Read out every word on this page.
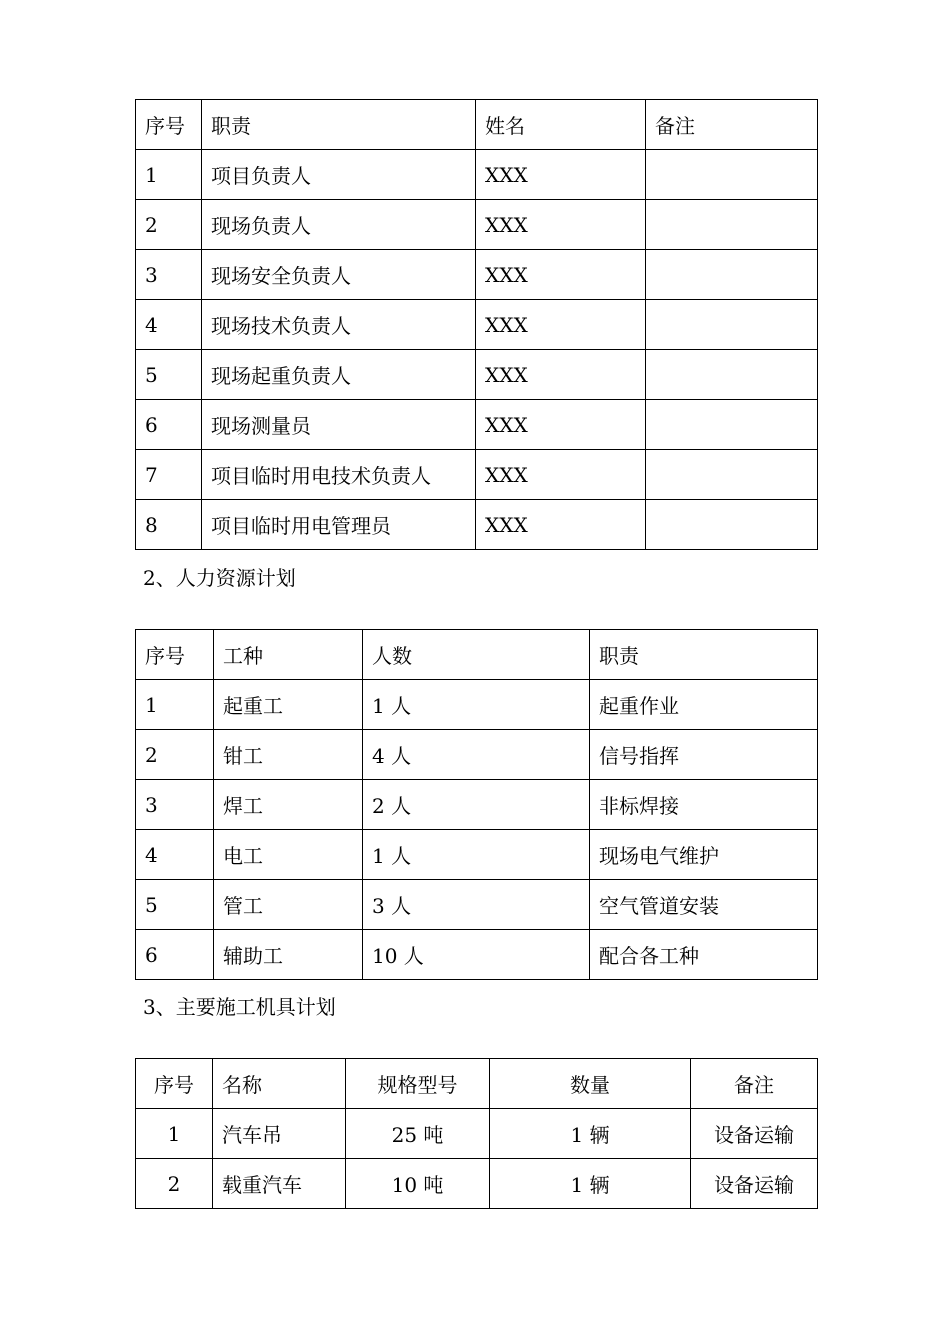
序号	职责	姓名	备注
1	项目负责人	XXX	
2	现场负责人	XXX	
3	现场安全负责人	XXX	
4	现场技术负责人	XXX	
5	现场起重负责人	XXX	
6	现场测量员	XXX	
7	项目临时用电技术负责人	XXX	
8	项目临时用电管理员	XXX	
2、人力资源计划
序号	工种	人数	职责
1	起重工	1 人	起重作业
2	钳工	4 人	信号指挥
3	焊工	2 人	非标焊接
4	电工	1 人	现场电气维护
5	管工	3 人	空气管道安装
6	辅助工	10 人	配合各工种
3、主要施工机具计划
序号	名称	规格型号	数量	备注
1	汽车吊	25 吨	1 辆	设备运输
2	载重汽车	10 吨	1 辆	设备运输
